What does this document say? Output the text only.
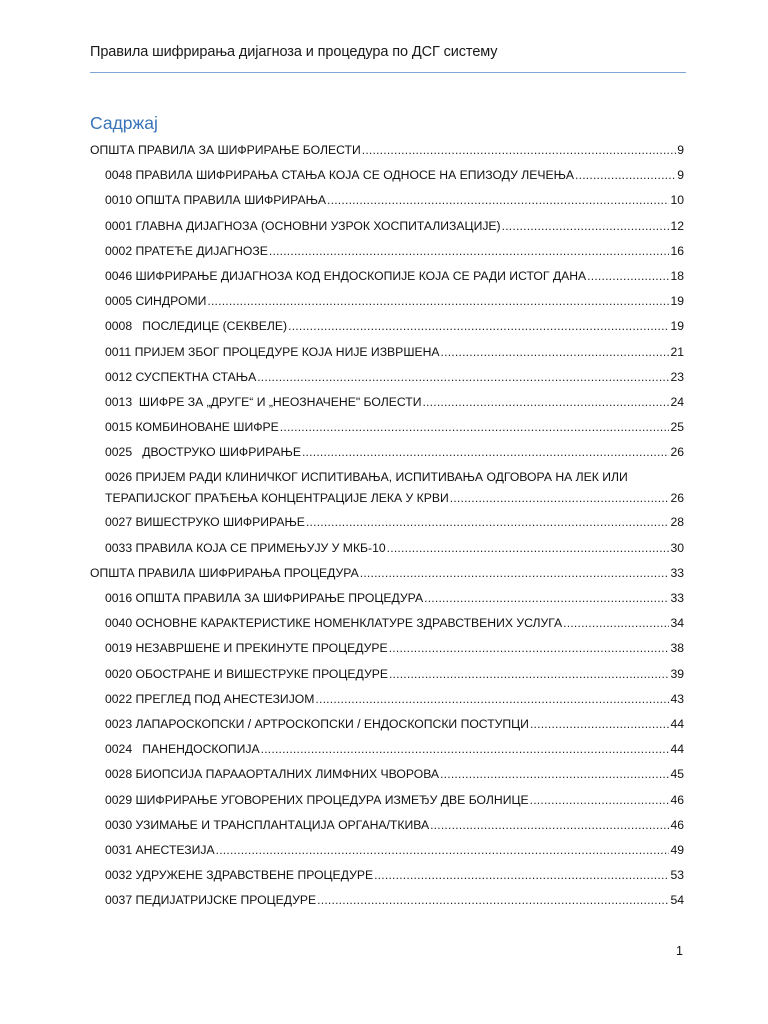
Правила шифрирања дијагноза и процедура по ДСГ систему
Садржај
ОПШТА ПРАВИЛА ЗА ШИФРИРАЊЕ БОЛЕСТИ .....	9
0048 ПРАВИЛА ШИФРИРАЊА СТАЊА КОЈА СЕ ОДНОСЕ НА ЕПИЗОДУ ЛЕЧЕЊА .....	9
0010 ОПШТА ПРАВИЛА ШИФРИРАЊА .....	10
0001 ГЛАВНА ДИЈАГНОЗА (ОСНОВНИ УЗРОК ХОСПИТАЛИЗАЦИЈЕ) .....	12
0002 ПРАТЕЋЕ ДИЈАГНОЗЕ .....	16
0046 ШИФРИРАЊЕ ДИЈАГНОЗА КОД ЕНДОСКОПИЈЕ КОЈА СЕ РАДИ ИСТОГ ДАНА .....	18
0005 СИНДРОМИ .....	19
0008   ПОСЛЕДИЦЕ (СЕКВЕЛЕ) .....	19
0011 ПРИЈЕМ ЗБОГ ПРОЦЕДУРЕ КОЈА НИЈЕ ИЗВРШЕНА .....	21
0012 СУСПЕКТНА СТАЊА .....	23
0013  ШИФРЕ ЗА „ДРУГЕ“ И „НЕОЗНАЧЕНЕ" БОЛЕСТИ .....	24
0015 КОМБИНОВАНЕ ШИФРЕ .....	25
0025   ДВОСТРУКО ШИФРИРАЊЕ .....	26
0026 ПРИЈЕМ РАДИ КЛИНИЧКОГ ИСПИТИВАЊА, ИСПИТИВАЊА ОДГОВОРА НА ЛЕК ИЛИ
ТЕРАПИЈСКОГ ПРАЋЕЊА КОНЦЕНТРАЦИЈЕ ЛЕКА У КРВИ .....	26
0027 ВИШЕСТРУКО ШИФРИРАЊЕ .....	28
0033 ПРАВИЛА КОЈА СЕ ПРИМЕЊУЈУ У МКБ-10 .....	30
ОПШТА ПРАВИЛА ШИФРИРАЊА ПРОЦЕДУРА .....	33
0016 ОПШТА ПРАВИЛА ЗА ШИФРИРАЊЕ ПРОЦЕДУРА .....	33
0040 ОСНОВНЕ КАРАКТЕРИСТИКЕ НОМЕНКЛАТУРЕ ЗДРАВСТВЕНИХ УСЛУГА .....	34
0019 НЕЗАВРШЕНЕ И ПРЕКИНУТЕ ПРОЦЕДУРЕ .....	38
0020 ОБОСТРАНЕ И ВИШЕСТРУКЕ ПРОЦЕДУРЕ .....	39
0022 ПРЕГЛЕД ПОД АНЕСТЕЗИЈОМ .....	43
0023 ЛАПАРОСКОПСКИ / АРТРОСКОПСКИ / ЕНДОСКОПСКИ ПОСТУПЦИ .....	44
0024   ПАНЕНДОСКОПИЈА .....	44
0028 БИОПСИЈА ПАРААОРТАЛНИХ ЛИМФНИХ ЧВОРОВА .....	45
0029 ШИФРИРАЊЕ УГОВОРЕНИХ ПРОЦЕДУРА ИЗМЕЂУ ДВЕ БОЛНИЦЕ .....	46
0030 УЗИМАЊЕ И ТРАНСПЛАНТАЦИЈА ОРГАНА/ТКИВА .....	46
0031 АНЕСТЕЗИЈА .....	49
0032 УДРУЖЕНЕ ЗДРАВСТВЕНЕ ПРОЦЕДУРЕ .....	53
0037 ПЕДИЈАТРИЈСКЕ ПРОЦЕДУРЕ .....	54
1
